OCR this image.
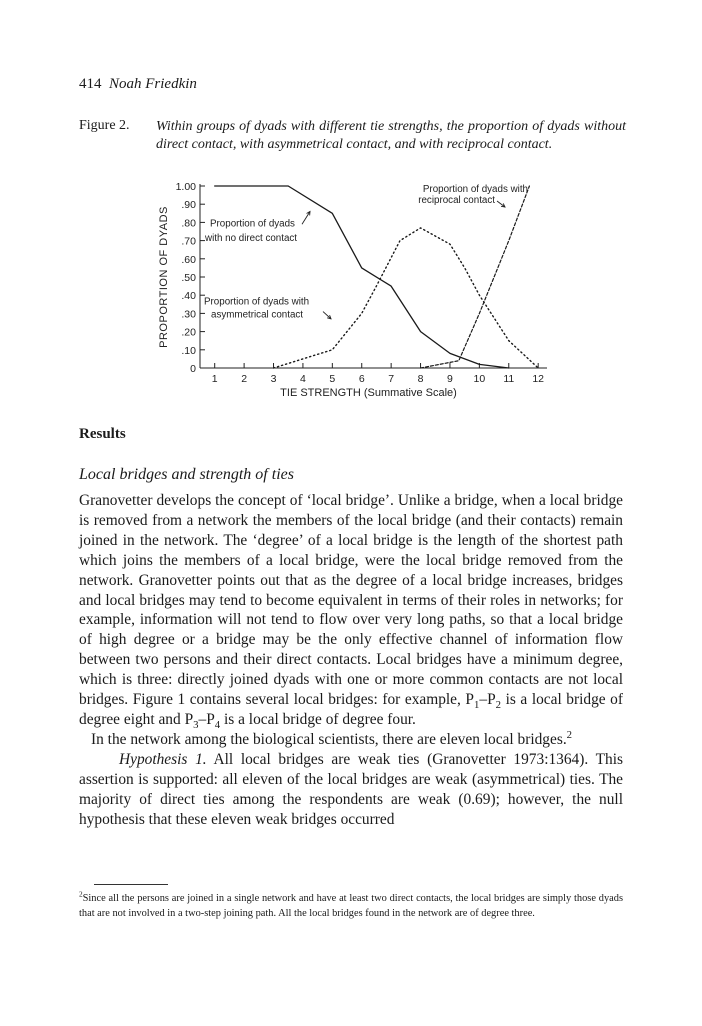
414 Noah Friedkin
Figure 2. Within groups of dyads with different tie strengths, the proportion of dyads without direct contact, with asymmetrical contact, and with reciprocal contact.
PROPORTION OF DYADS
TIE STRENGTH (Summative Scale)
0
.10
.20
.30
.40
.50
.60
.70
.80
.90
1.00
1 2 3 4 5 6 7 8 9 10 11 12
Proportion of dyads
with no direct contact
Proportion of dyads with
asymmetrical contact
Proportion of dyads with
reciprocal contact
Results
Local bridges and strength of ties

Granovetter develops the concept of ‘local bridge’. Unlike a bridge, when a local bridge is removed from a network the members of the local bridge (and their contacts) remain joined in the network. The ‘degree’ of a local bridge is the length of the shortest path which joins the members of a local bridge, were the local bridge removed from the network. Granovetter points out that as the degree of a local bridge increases, bridges and local bridges may tend to become equivalent in terms of their roles in networks; for example, information will not tend to flow over very long paths, so that a local bridge of high degree or a bridge may be the only effective channel of information flow between two persons and their direct contacts. Local bridges have a minimum degree, which is three: directly joined dyads with one or more common contacts are not local bridges. Figure 1 contains several local bridges: for example, $P_1-P_2$ is a local bridge of degree eight and $P_3-P_4$ is a local bridge of degree four.

In the network among the biological scientists, there are eleven local bridges.$^2$

Hypothesis 1. All local bridges are weak ties (Granovetter 1973:1364). This assertion is supported: all eleven of the local bridges are weak (asymmetrical) ties. The majority of direct ties among the respondents are weak (0.69); however, the null hypothesis that these eleven weak bridges occurred

$^2$Since all the persons are joined in a single network and have at least two direct contacts, the local bridges are simply those dyads that are not involved in a two-step joining path. All the local bridges found in the network are of degree three.
